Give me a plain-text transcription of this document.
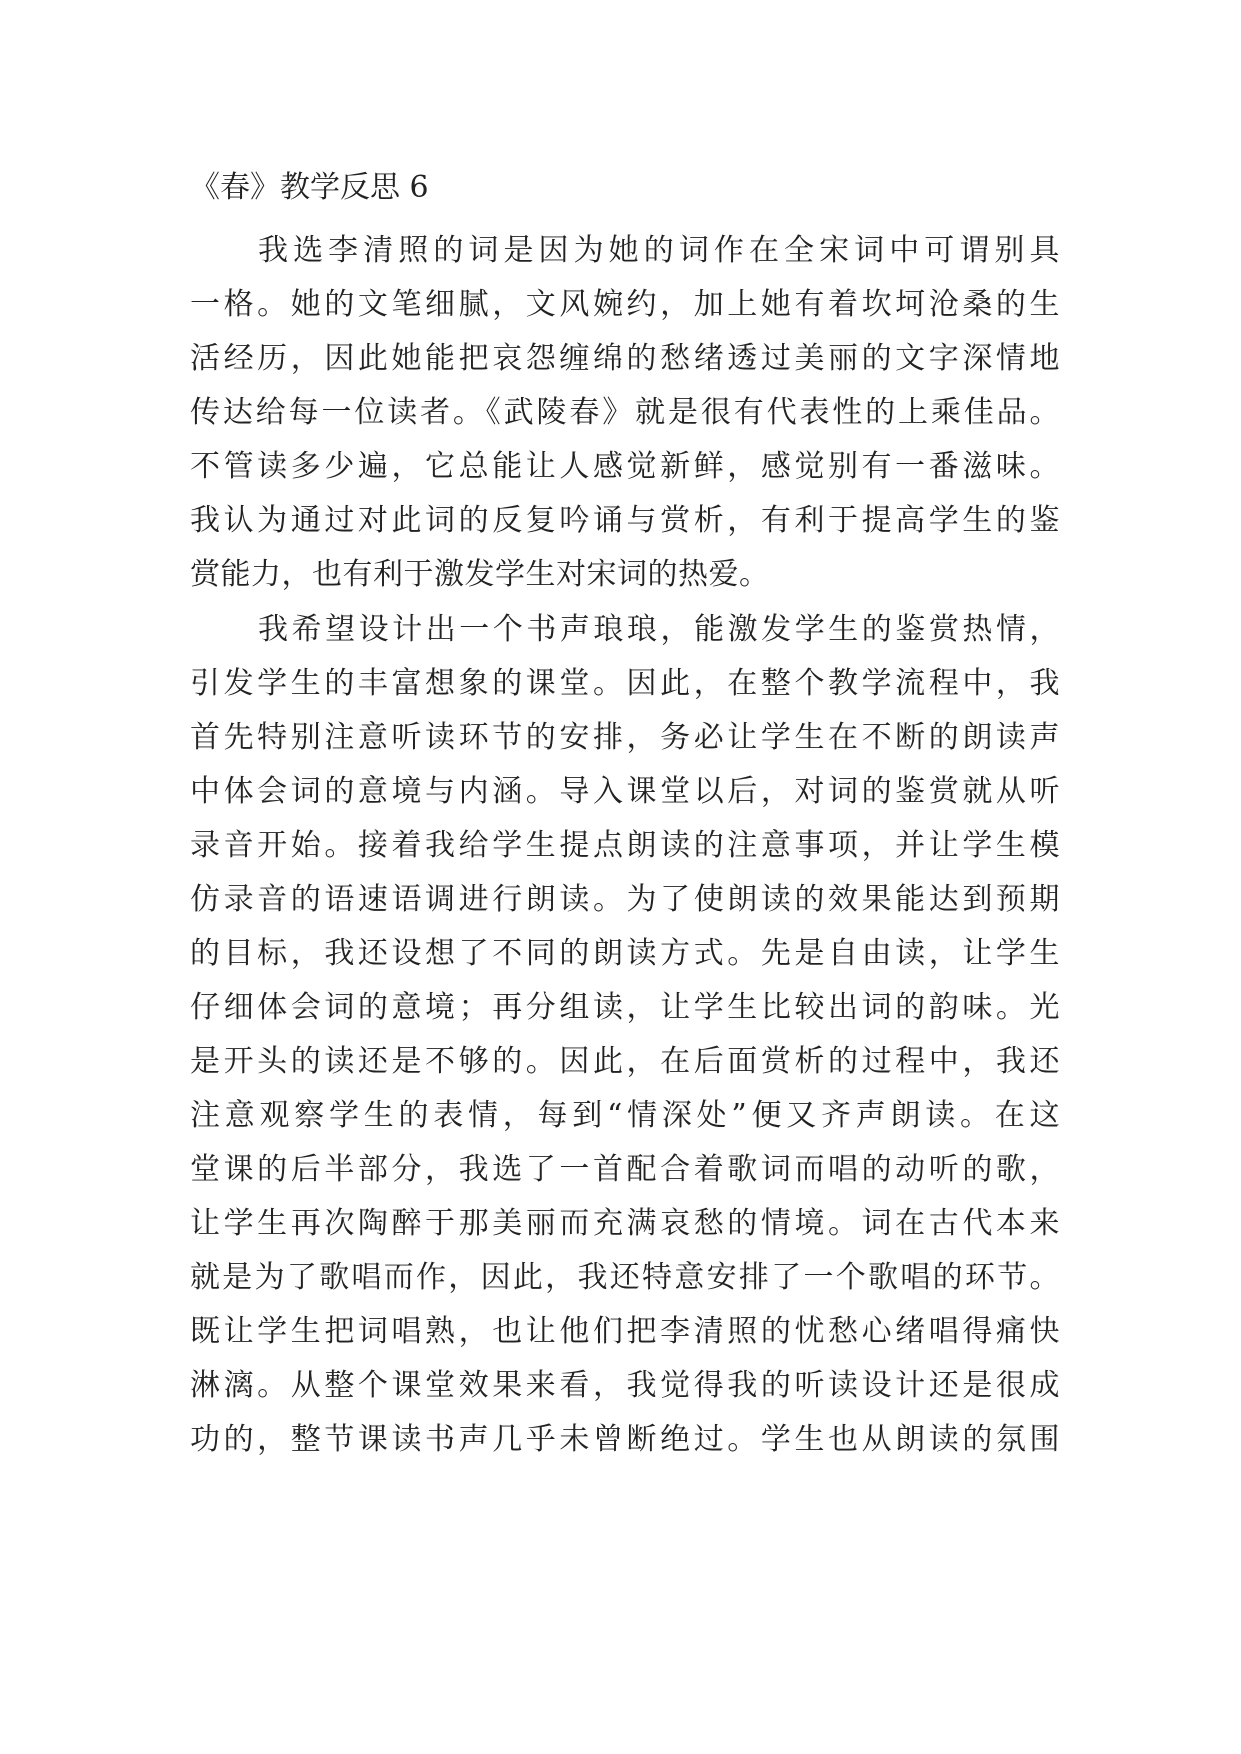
《春》教学反思 6
我选李清照的词是因为她的词作在全宋词中可谓别具
一格。她的文笔细腻，文风婉约，加上她有着坎坷沧桑的生
活经历，因此她能把哀怨缠绵的愁绪透过美丽的文字深情地
传达给每一位读者。《武陵春》就是很有代表性的上乘佳品。
不管读多少遍，它总能让人感觉新鲜，感觉别有一番滋味。
我认为通过对此词的反复吟诵与赏析，有利于提高学生的鉴
赏能力，也有利于激发学生对宋词的热爱。
我希望设计出一个书声琅琅，能激发学生的鉴赏热情，
引发学生的丰富想象的课堂。因此，在整个教学流程中，我
首先特别注意听读环节的安排，务必让学生在不断的朗读声
中体会词的意境与内涵。导入课堂以后，对词的鉴赏就从听
录音开始。接着我给学生提点朗读的注意事项，并让学生模
仿录音的语速语调进行朗读。为了使朗读的效果能达到预期
的目标，我还设想了不同的朗读方式。先是自由读，让学生
仔细体会词的意境；再分组读，让学生比较出词的韵味。光
是开头的读还是不够的。因此，在后面赏析的过程中，我还
注意观察学生的表情，每到“情深处”便又齐声朗读。在这
堂课的后半部分，我选了一首配合着歌词而唱的动听的歌，
让学生再次陶醉于那美丽而充满哀愁的情境。词在古代本来
就是为了歌唱而作，因此，我还特意安排了一个歌唱的环节。
既让学生把词唱熟，也让他们把李清照的忧愁心绪唱得痛快
淋漓。从整个课堂效果来看，我觉得我的听读设计还是很成
功的，整节课读书声几乎未曾断绝过。学生也从朗读的氛围
